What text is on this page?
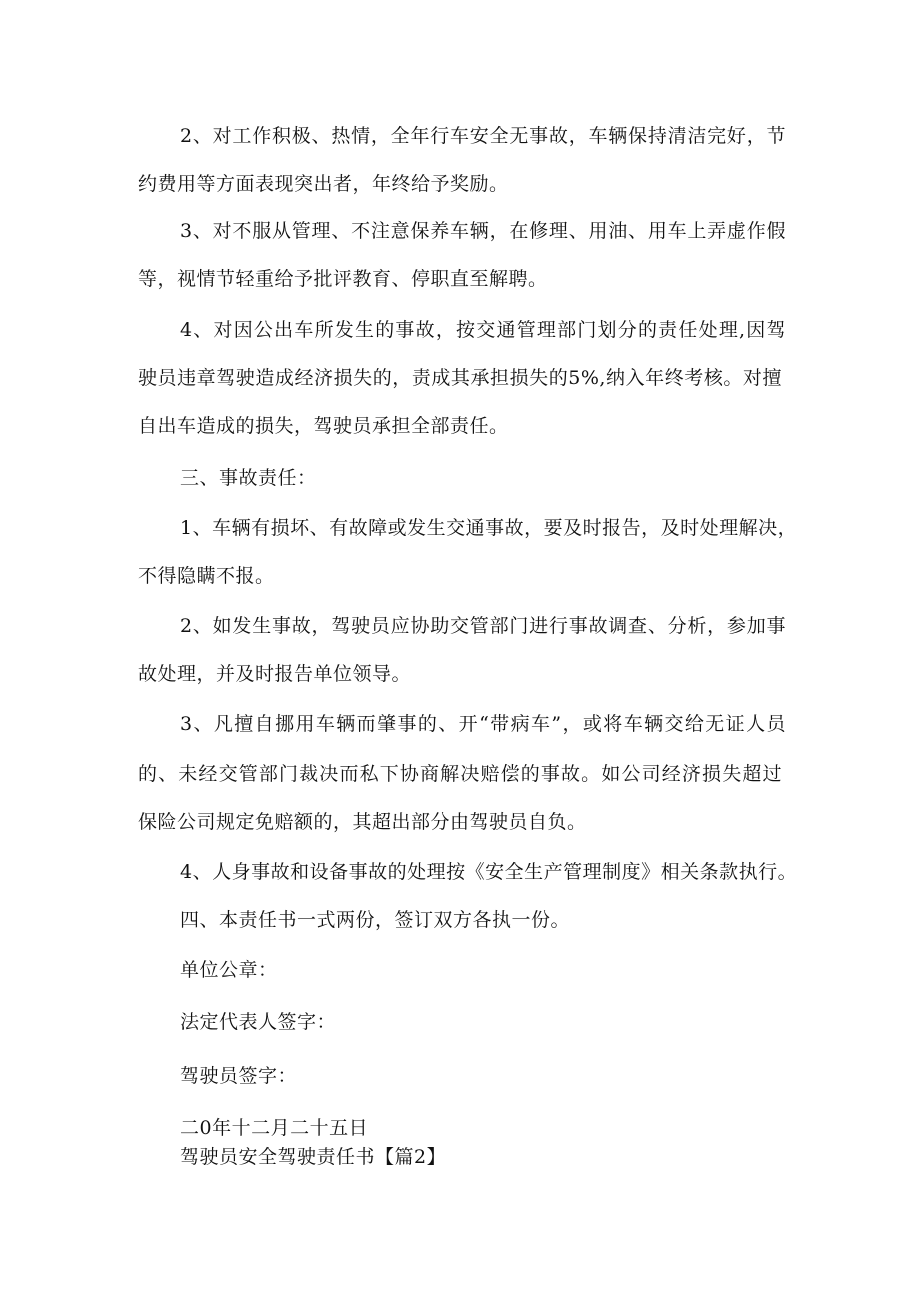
2、对工作积极、热情，全年行车安全无事故，车辆保持清洁完好，节
约费用等方面表现突出者，年终给予奖励。
3、对不服从管理、不注意保养车辆，在修理、用油、用车上弄虚作假
等，视情节轻重给予批评教育、停职直至解聘。
4、对因公出车所发生的事故，按交通管理部门划分的责任处理,因驾
驶员违章驾驶造成经济损失的，责成其承担损失的5%,纳入年终考核。对擅
自出车造成的损失，驾驶员承担全部责任。
三、事故责任：
1、车辆有损坏、有故障或发生交通事故，要及时报告，及时处理解决，
不得隐瞒不报。
2、如发生事故，驾驶员应协助交管部门进行事故调查、分析，参加事
故处理，并及时报告单位领导。
3、凡擅自挪用车辆而肇事的、开“带病车”，或将车辆交给无证人员
的、未经交管部门裁决而私下协商解决赔偿的事故。如公司经济损失超过
保险公司规定免赔额的，其超出部分由驾驶员自负。
4、人身事故和设备事故的处理按《安全生产管理制度》相关条款执行。
四、本责任书一式两份，签订双方各执一份。
单位公章：
法定代表人签字：
驾驶员签字：
二0年十二月二十五日
驾驶员安全驾驶责任书【篇2】
